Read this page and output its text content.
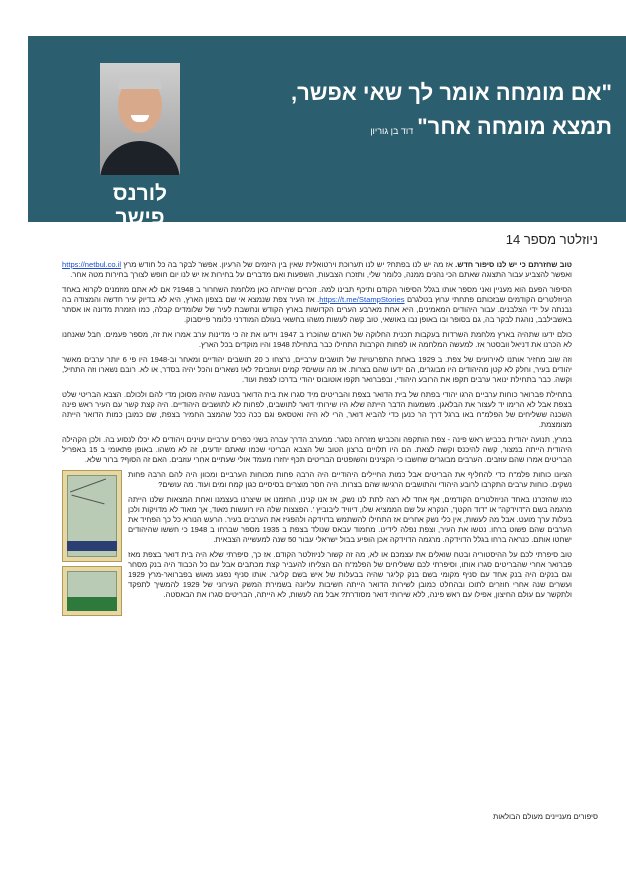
"אם מומחה אומר לך שאי אפשר,

תמצא מומחה אחר"דוד בן גוריון

לורנס פישר

ניוזלטר מספר 14

טוב שחזרתם כי יש לנו סיפור חדש. אז מה יש לנו בפתח? יש לנו תערוכת וירטואלית שאין בין היזמים של הרעיון. אפשר לבקר בה כל חודש מרץ https://netbul.co.il ואפשר להצביע עבור התצוגה שאתם הכי נהנים ממנה, כלומר שלי, ותזכרו הצבעות, השפעות ואם מדברים על בחירות אז יש לנו יום חופש לצורך בחירות מטה אחר.

הסיפור הפעם הוא מעניין ואני מספר אותו בגלל הסיפור הקודם ותיכף תבינו למה. זוכרים שהייתה כאן מלחמת השחרור ב 1948? אם לא אתם מוזמנים לקרוא באחד הניוזלטרים הקודמים שבזכותם פתחתי ערוץ בטלגרם https://t.me/StampStories. אז העיר צפת שנמצא אי שם בצפון הארץ, היא לא בדיוק עיר חדשה והמצודה בה נבנתה על ידי הצלבנים. עבור היהודים המאמינים, היא אחת מארבע הערים הקדושות בארץ הקודש ונחשבת לעיר של שלומדים קבלה, כמו הזמרת מדונה או אסתר באשבילבב, נוהגת לבקר בה, גם בסופר ובו באופן נבו באושאי, טוב קשה לעשות משהו בחשאי בעולם המודרני כלומר פייסבוק.

כולם ידעו שתהיה בארץ מלחמת השרדות בעקבות תכנית החלוקה של האו"ם שהוכרז ב 1947 וידעו את זה כי מדינות ערב אמרו את זה, מספר פעמים. חבל שאנחנו לא הכרנו את דניאל וובסטר אז. למעשה המלחמה או לפחות הקרבות התחילו כבר בתחילת 1948 והיו מוקדים בכל הארץ.

וזה שוב מחזיר אותנו לאירועים של צפת. ב 1929 באחת התפרעויות של תושבים ערביים, נרצחו כ 20 תושבים יהודיים ומאחר וב-1948 היו פי 6 יותר ערבים מאשר יהודים בעיר, וחלק לא קטן מהיהודים היו מבוגרים, הם ידעו שהם בצרות. אז מה עושים? קמים ועוזבים? לא! נשארים והכל יהיה בסדר, או לא. רובם נשארו וזה התחיל, וקשה. כבר בתחילת ינואר ערבים תקפו את הרובע היהודי, ובפברואר תקפו אוטובוס יהודי בדרכו לצפת ועוד.

בתחילת פברואר כוחות ערביים הרגו יהודי בפתח של בית הדואר בצפת והבריטים מיד סגרו את בית הדואר בטענה שהיה מסוכן מדי להם ולכולם. הצבא הבריטי שלט בצפת אבל לא הרימו יד לעצור את הבלאגן. משמעות הדבר הייתה שלא היו שירותי דואר לתושבים, לפחות לא לתושבים היהודיים. היה קצת קשר עם העיר ראש פינה השכנה ששליחים של הפלמ"ח באו ברגל דרך הר כנען כדי להביא דואר, הרי לא היה ואטסאפ וגם ככה ככל שהמצב החמיר בצפת, שם כמובן כמות הדואר הייתה מצומצמת.

במרץ, תנועה יהודית בכביש ראש פינה - צפת הותקפה והכביש מזרחה נסגר. ממערב הדרך עברה בשני כפרים ערביים עוינים ויהודים לא יכלו לנסוע בה. ולכן הקהילה היהודית הייתה במצור, קשה להיכנס וקשה לצאת. הם היו תלויים ברצון הטוב של הצבא הבריטי שכמו שאתם יודעים, זה לא משהו. באופן פתאומי ב 15 באפריל הבריטים אמרו שהם עוזבים. הערבים מבוגרים שחשבו כי הקצינים והשופטים הבריטים תכף יחזרו מעמד אולי שעתיים אחרי עוזבים. האם זה הסוף? ברור שלא.

הציונו כוחות פלמ"ח כדי להחליף את הבריטים אבל כמות החיילים היהודיים היה הרבה פחות מכוחות הערביים ומכוון היה להם הרבה פחות נשקים. כוחות ערבים התקרבו לרובע היהודי והתושבים הרגישו שהם בצרות. היה חסר מוצרים בסיסיים כגון קמח ומים ועוד. מה עושים?

כמו שהזכרנו באחד הניוזלטרים הקודמים, אף אחד לא רצה לתת לנו נשק, אז אנו קנינו, החזמנו או שיצרנו בעצמנו ואחת המצאות שלנו הייתה מרגמה בשם ה"דוידקה" או "דוד הקטן", הנקרא על שם הממציא שלו, דיוויד ליבוביץ '. הפצצות שלה היו רועשות מאוד, אך מאוד לא מדויקות ולכן בעלות ערך מועט. אבל מה לעשות, אין כלי נשק אחרים אז התחילו להשתמש בדוידקה ולהפגיז את הערבים בעיר. הרעש הנורא כל כך הפחיד את הערבים שהם פשוט ברחו. נטשו את העיר, וצפת נפלה לידינו. מחמוד עבאס שנולד בצפת ב 1935 מספר שברחו ב 1948 כי חששו שהיהודים ישחטו אותם. כנראה ברחו בגלל הדוידקה. מרגמה הדוידקה אכן הופיע בבול ישראלי עבור 50 שנה למעשייה הצבאית.

טוב סיפרתי לכם על ההיסטוריה ובטח שואלים את עצמכם או לא, מה זה קשור לניוזלטר הקודם. אז כך, סיפרתי שלא היה בית דואר בצפת מאז פברואר אחרי שהבריטים סגרו אותו, וסיפרתי לכם ששליחים של הפלמ"ח הם הצליחו להעביר קצת מכתבים אבל עם כל הכבוד היה בנק מסחר וגם בנקים היה בנק אחד עם סניף מקומי בשם בנק קליגר שהיה בבעלות של איש בשם קליגר. אותו סניף נפגע מאוש בפברואר-מרץ 1929 ועשרים שנה אחרי חוזרים לתוכו ובהחלט כמובן לשירות הדואר הייתה חשיבות עליונה בשמירת המשק העירוני של 1929 להמשיך לתפקד ולתקשר עם עולם החיצון, אפילו עם ראש פינה, ללא שירותי דואר מסודרת? אבל מה לעשות, לא הייתה, הבריטים סגרו את הבאסטה.

סיפורים מעניינים מעולם הבולאות
